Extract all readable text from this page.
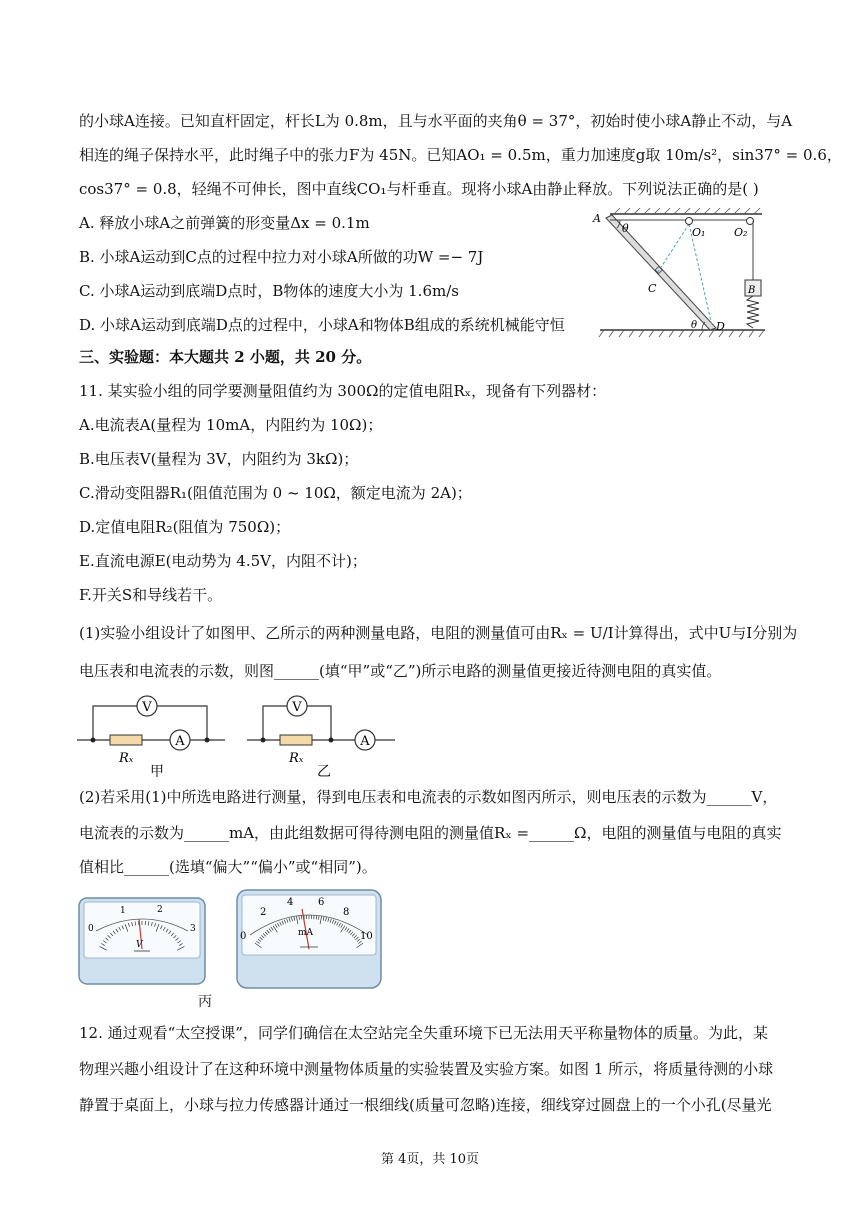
的小球A连接。已知直杆固定，杆长L为 0.8m，且与水平面的夹角θ = 37°，初始时使小球A静止不动，与A
相连的绳子保持水平，此时绳子中的张力F为 45N。已知AO₁ = 0.5m，重力加速度g取 10m/s²，sin37° = 0.6，
cos37° = 0.8，轻绳不可伸长，图中直线CO₁与杆垂直。现将小球A由静止释放。下列说法正确的是( )
A. 释放小球A之前弹簧的形变量Δx = 0.1m
B. 小球A运动到C点的过程中拉力对小球A所做的功W =− 7J
C. 小球A运动到底端D点时，B物体的速度大小为 1.6m/s
D. 小球A运动到底端D点的过程中，小球A和物体B组成的系统机械能守恒
三、实验题：本大题共 2 小题，共 20 分。
11. 某实验小组的同学要测量阻值约为 300Ω的定值电阻Rₓ，现备有下列器材：
A.电流表A(量程为 10mA，内阻约为 10Ω)；
B.电压表V(量程为 3V，内阻约为 3kΩ)；
C.滑动变阻器R₁(阻值范围为 0 ~ 10Ω，额定电流为 2A)；
D.定值电阻R₂(阻值为 750Ω)；
E.直流电源E(电动势为 4.5V，内阻不计)；
F.开关S和导线若干。
(1)实验小组设计了如图甲、乙所示的两种测量电路，电阻的测量值可由Rₓ = U/I计算得出，式中U与I分别为
电压表和电流表的示数，则图______(填“甲”或“乙”)所示电路的测量值更接近待测电阻的真实值。
(2)若采用(1)中所选电路进行测量，得到电压表和电流表的示数如图丙所示，则电压表的示数为______V，
电流表的示数为______mA，由此组数据可得待测电阻的测量值Rₓ =______Ω，电阻的测量值与电阻的真实
值相比______(选填“偏大”“偏小”或“相同”)。
12. 通过观看“太空授课”，同学们确信在太空站完全失重环境下已无法用天平称量物体的质量。为此，某
物理兴趣小组设计了在这种环境中测量物体质量的实验装置及实验方案。如图 1 所示，将质量待测的小球
静置于桌面上，小球与拉力传感器计通过一根细线(质量可忽略)连接，细线穿过圆盘上的一个小孔(尽量光
A
θ	O₁	O₂
C
D
θ
B
V
A
Rₓ
甲
V
A
Rₓ
乙
0
1	2
3
V
0
2
4 6
8
10
mA
丙
第 4页，共 10页
